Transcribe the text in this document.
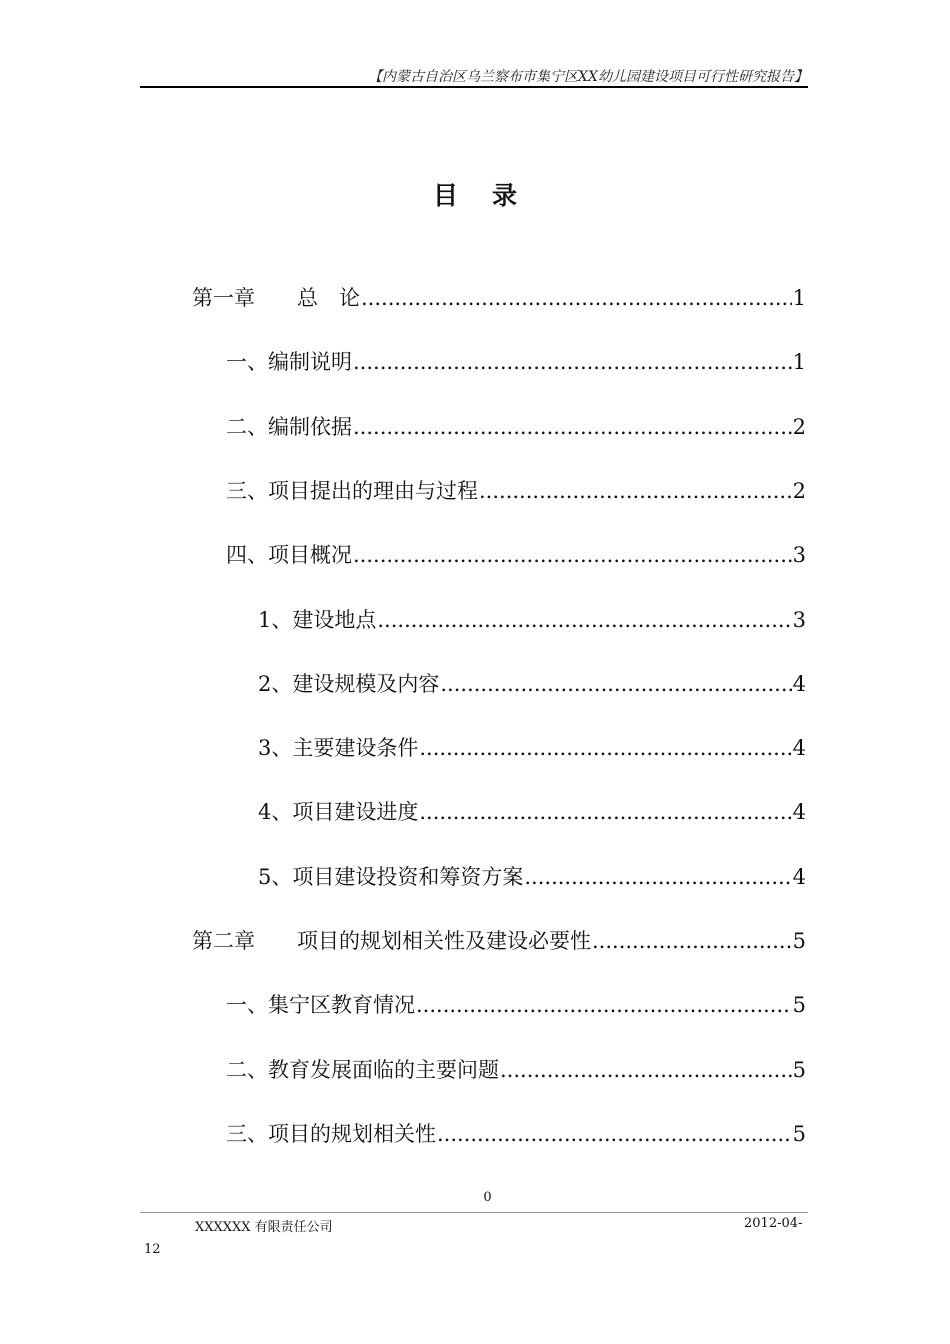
【内蒙古自治区乌兰察布市集宁区XX幼儿园建设项目可行性研究报告】
目录
第一章　　总　论 .....	1
一、编制说明 .....	1
二、编制依据 .....	2
三、项目提出的理由与过程 .....	2
四、项目概况 .....	3
1、建设地点 .....	3
2、建设规模及内容 .....	4
3、主要建设条件 .....	4
4、项目建设进度 .....	4
5、项目建设投资和筹资方案 .....	4
第二章　　项目的规划相关性及建设必要性 .....	5
一、集宁区教育情况 .....	5
二、教育发展面临的主要问题 .....	5
三、项目的规划相关性 .....	5
0
XXXXXX 有限责任公司	2012-04-
12
